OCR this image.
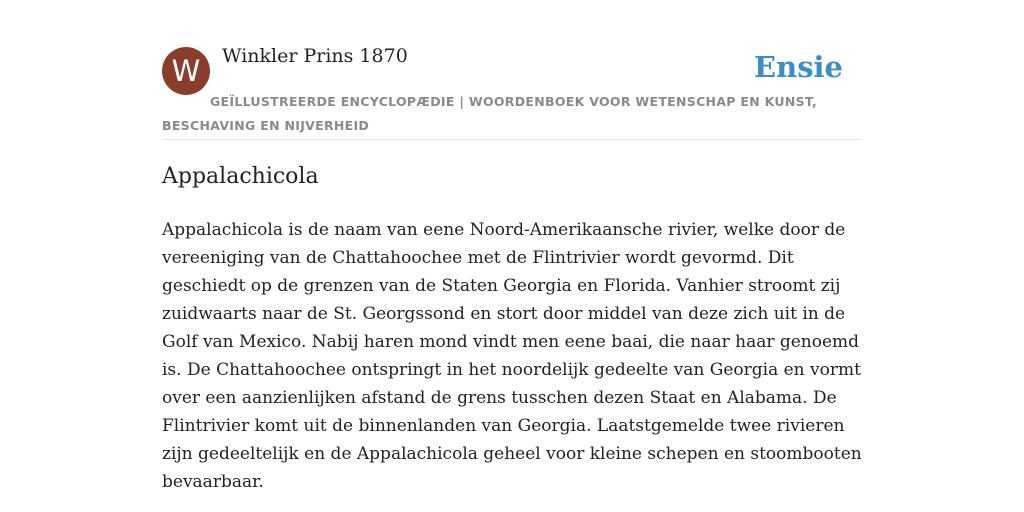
W	Winkler Prins 1870	Ensie
GEÏLLUSTREERDE ENCYCLOPÆDIE | WOORDENBOEK VOOR WETENSCHAP EN KUNST, BESCHAVING EN NIJVERHEID
Appalachicola

Appalachicola is de naam van eene Noord-Amerikaansche rivier, welke door de vereeniging van de Chattahoochee met de Flintrivier wordt gevormd. Dit geschiedt op de grenzen van de Staten Georgia en Florida. Vanhier stroomt zij zuidwaarts naar de St. Georgssond en stort door middel van deze zich uit in de Golf van Mexico. Nabij haren mond vindt men eene baai, die naar haar genoemd is. De Chattahoochee ontspringt in het noordelijk gedeelte van Georgia en vormt over een aanzienlijken afstand de grens tusschen dezen Staat en Alabama. De Flintrivier komt uit de binnenlanden van Georgia. Laatstgemelde twee rivieren zijn gedeeltelijk en de Appalachicola geheel voor kleine schepen en stoombooten bevaarbaar.
